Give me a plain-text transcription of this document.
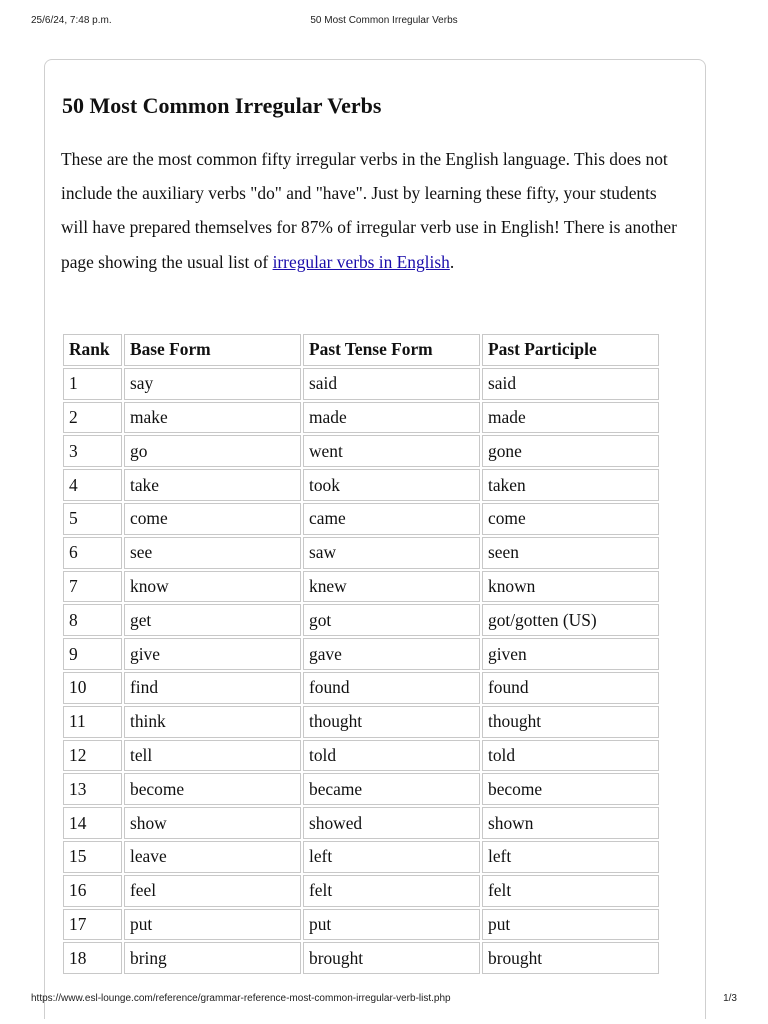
25/6/24, 7:48 p.m.	50 Most Common Irregular Verbs
50 Most Common Irregular Verbs

These are the most common fifty irregular verbs in the English language. This does not include the auxiliary verbs "do" and "have". Just by learning these fifty, your students will have prepared themselves for 87% of irregular verb use in English! There is another page showing the usual list of irregular verbs in English.

Rank	Base Form	Past Tense Form	Past Participle
1	say	said	said
2	make	made	made
3	go	went	gone
4	take	took	taken
5	come	came	come
6	see	saw	seen
7	know	knew	known
8	get	got	got/gotten (US)
9	give	gave	given
10	find	found	found
11	think	thought	thought
12	tell	told	told
13	become	became	become
14	show	showed	shown
15	leave	left	left
16	feel	felt	felt
17	put	put	put
18	bring	brought	brought
https://www.esl-lounge.com/reference/grammar-reference-most-common-irregular-verb-list.php	1/3
